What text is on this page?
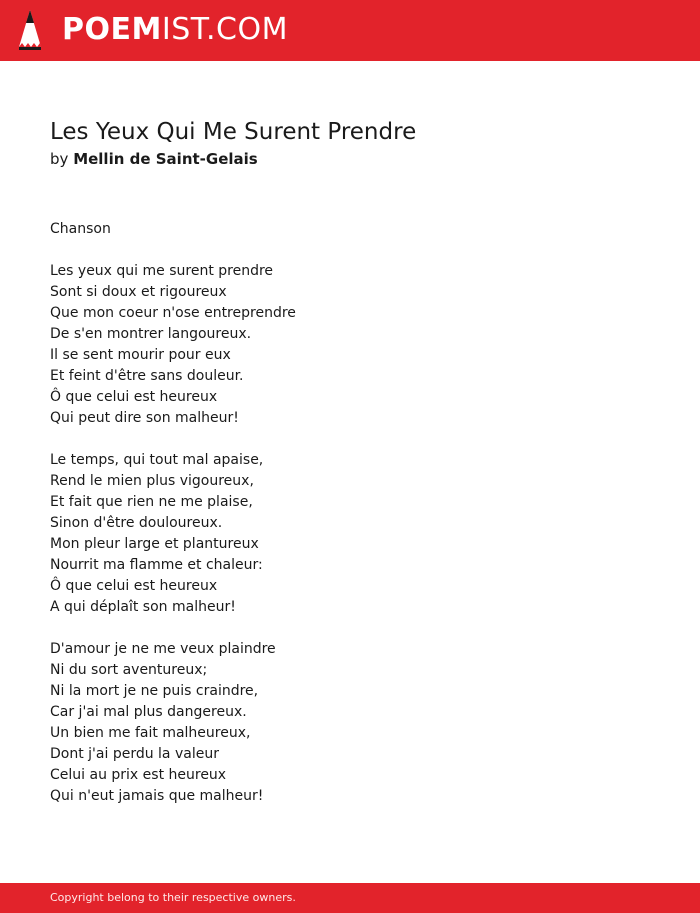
POEMIST.COM
Les Yeux Qui Me Surent Prendre
by Mellin de Saint-Gelais
Chanson
Les yeux qui me surent prendre
Sont si doux et rigoureux
Que mon coeur n'ose entreprendre
De s'en montrer langoureux.
Il se sent mourir pour eux
Et feint d'être sans douleur.
Ô que celui est heureux
Qui peut dire son malheur!
Le temps, qui tout mal apaise,
Rend le mien plus vigoureux,
Et fait que rien ne me plaise,
Sinon d'être douloureux.
Mon pleur large et plantureux
Nourrit ma flamme et chaleur:
Ô que celui est heureux
A qui déplaît son malheur!
D'amour je ne me veux plaindre
Ni du sort aventureux;
Ni la mort je ne puis craindre,
Car j'ai mal plus dangereux.
Un bien me fait malheureux,
Dont j'ai perdu la valeur
Celui au prix est heureux
Qui n'eut jamais que malheur!
Copyright belong to their respective owners.
